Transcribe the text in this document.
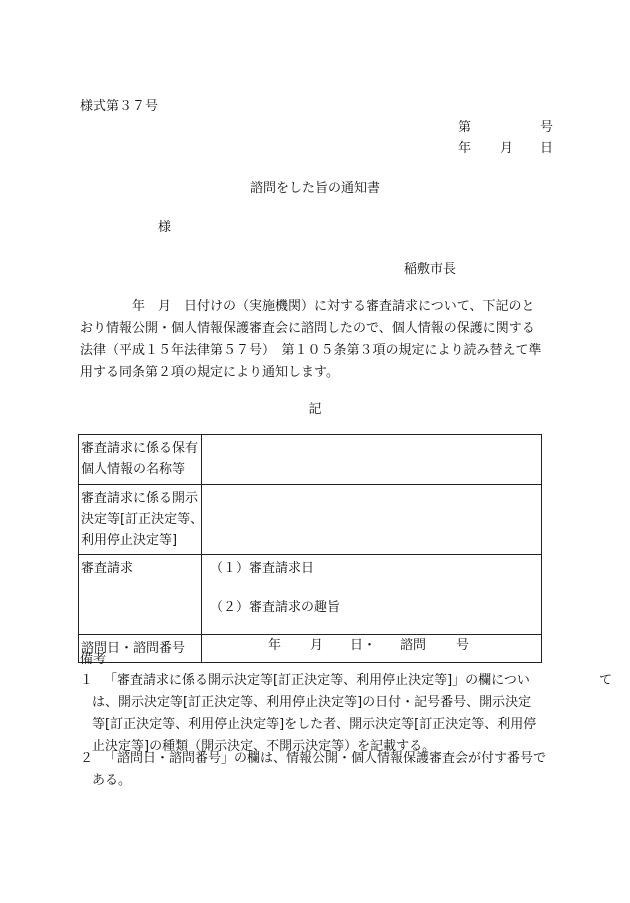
様式第３７号
第	号
年 月 日
諮問をした旨の通知書
様
稲敷市長
　　　　年　月　日付けの（実施機関）に対する審査請求について、下記のと
おり情報公開・個人情報保護審査会に諮問したので、個人情報の保護に関する
法律（平成１５年法律第５７号）　第１０５条第３項の規定により読み替えて準
用する同条第２項の規定により通知します。
記
審査請求に係る保有
個人情報の名称等	

審査請求に係る開示
決定等[訂正決定等、
利用停止決定等]	

審査請求	（１）審査請求日
（２）審査請求の趣旨

諮問日・諮問番号	年 月 日・ 諮問 号
備考
１ 「審査請求に係る開示決定等[訂正決定等、利用停止決定等]」の欄につい	て
は、開示決定等[訂正決定等、利用停止決定等]の日付・記号番号、開示決定
等[訂正決定等、利用停止決定等]をした者、開示決定等[訂正決定等、利用停
止決定等]の種類（開示決定、不開示決定等）を記載する。
２ 「諮問日・諮問番号」の欄は、情報公開・個人情報保護審査会が付す番号で
ある。
